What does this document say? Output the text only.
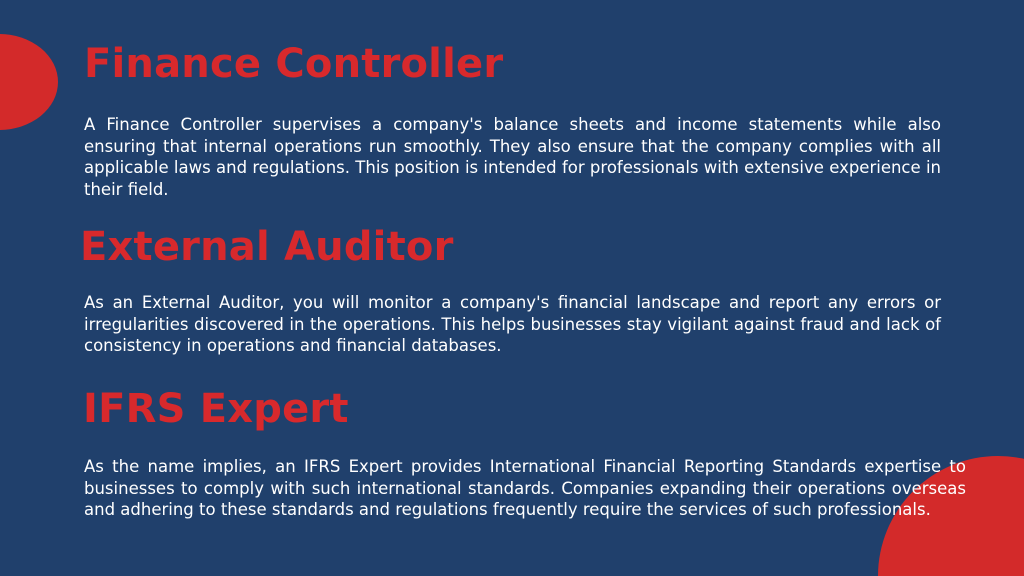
Finance Controller

A Finance Controller supervises a company's balance sheets and income statements while also ensuring that internal operations run smoothly. They also ensure that the company complies with all applicable laws and regulations. This position is intended for professionals with extensive experience in their field.

External Auditor

As an External Auditor, you will monitor a company's financial landscape and report any errors or irregularities discovered in the operations. This helps businesses stay vigilant against fraud and lack of consistency in operations and financial databases.

IFRS Expert

As the name implies, an IFRS Expert provides International Financial Reporting Standards expertise to businesses to comply with such international standards. Companies expanding their operations overseas and adhering to these standards and regulations frequently require the services of such professionals.
